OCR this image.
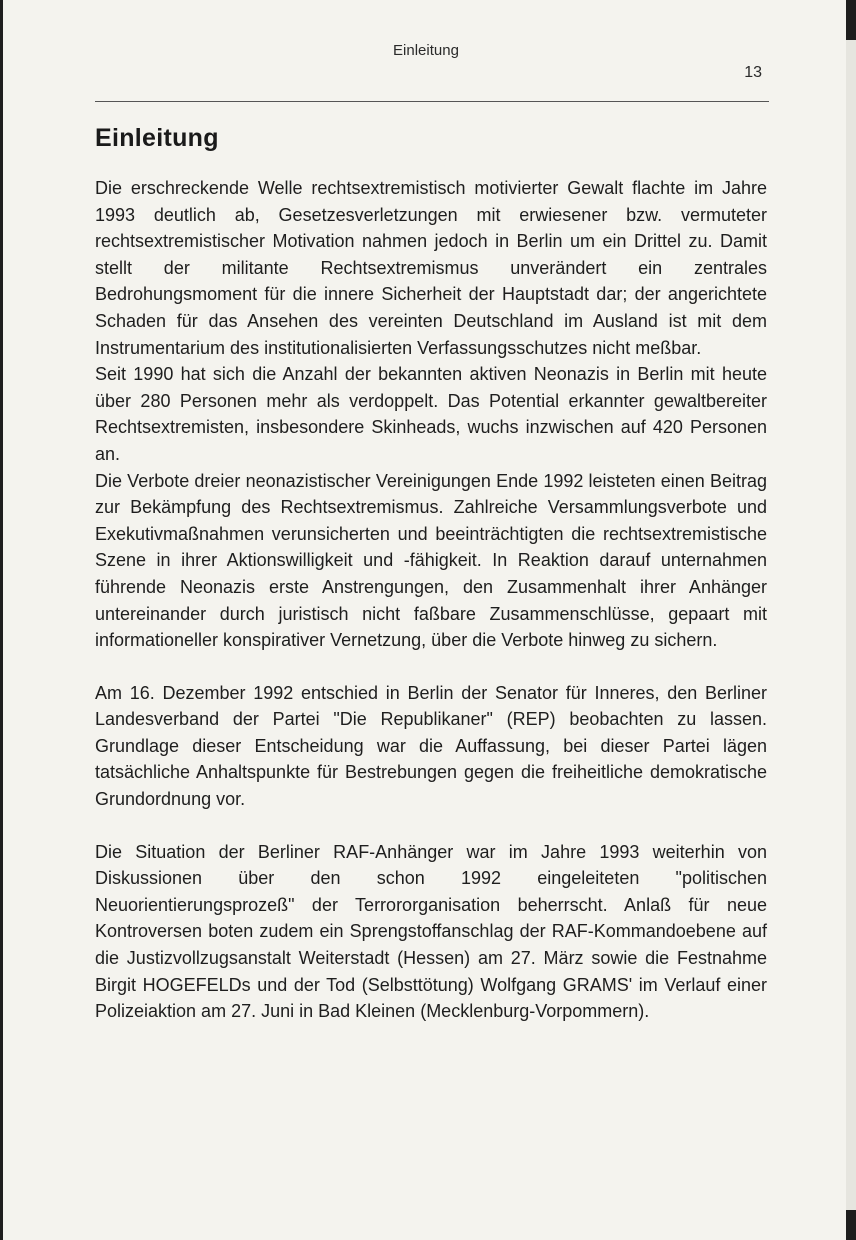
Einleitung
13
Einleitung

Die erschreckende Welle rechtsextremistisch motivierter Gewalt flachte im Jahre 1993 deutlich ab, Gesetzesverletzungen mit erwiesener bzw. vermuteter rechtsextremistischer Motivation nahmen jedoch in Berlin um ein Drittel zu. Damit stellt der militante Rechtsextremismus unverändert ein zentrales Bedrohungsmoment für die innere Sicherheit der Hauptstadt dar; der angerichtete Schaden für das Ansehen des vereinten Deutschland im Ausland ist mit dem Instrumentarium des institutionalisierten Verfassungsschutzes nicht meßbar.

Seit 1990 hat sich die Anzahl der bekannten aktiven Neonazis in Berlin mit heute über 280 Personen mehr als verdoppelt. Das Potential erkannter gewaltbereiter Rechtsextremisten, insbesondere Skinheads, wuchs inzwischen auf 420 Personen an.

Die Verbote dreier neonazistischer Vereinigungen Ende 1992 leisteten einen Beitrag zur Bekämpfung des Rechtsextremismus. Zahlreiche Versammlungsverbote und Exekutivmaßnahmen verunsicherten und beeinträchtigten die rechtsextremistische Szene in ihrer Aktionswilligkeit und -fähigkeit. In Reaktion darauf unternahmen führende Neonazis erste Anstrengungen, den Zusammenhalt ihrer Anhänger untereinander durch juristisch nicht faßbare Zusammenschlüsse, gepaart mit informationeller konspirativer Vernetzung, über die Verbote hinweg zu sichern.

Am 16. Dezember 1992 entschied in Berlin der Senator für Inneres, den Berliner Landesverband der Partei "Die Republikaner" (REP) beobachten zu lassen. Grundlage dieser Entscheidung war die Auffassung, bei dieser Partei lägen tatsächliche Anhaltspunkte für Bestrebungen gegen die freiheitliche demokratische Grundordnung vor.

Die Situation der Berliner RAF-Anhänger war im Jahre 1993 weiterhin von Diskussionen über den schon 1992 eingeleiteten "politischen Neuorientierungsprozeß" der Terrororganisation beherrscht. Anlaß für neue Kontroversen boten zudem ein Sprengstoffanschlag der RAF-Kommandoebene auf die Justizvollzugsanstalt Weiterstadt (Hessen) am 27. März sowie die Festnahme Birgit HOGEFELDs und der Tod (Selbsttötung) Wolfgang GRAMS' im Verlauf einer Polizeiaktion am 27. Juni in Bad Kleinen (Mecklenburg-Vorpommern).
